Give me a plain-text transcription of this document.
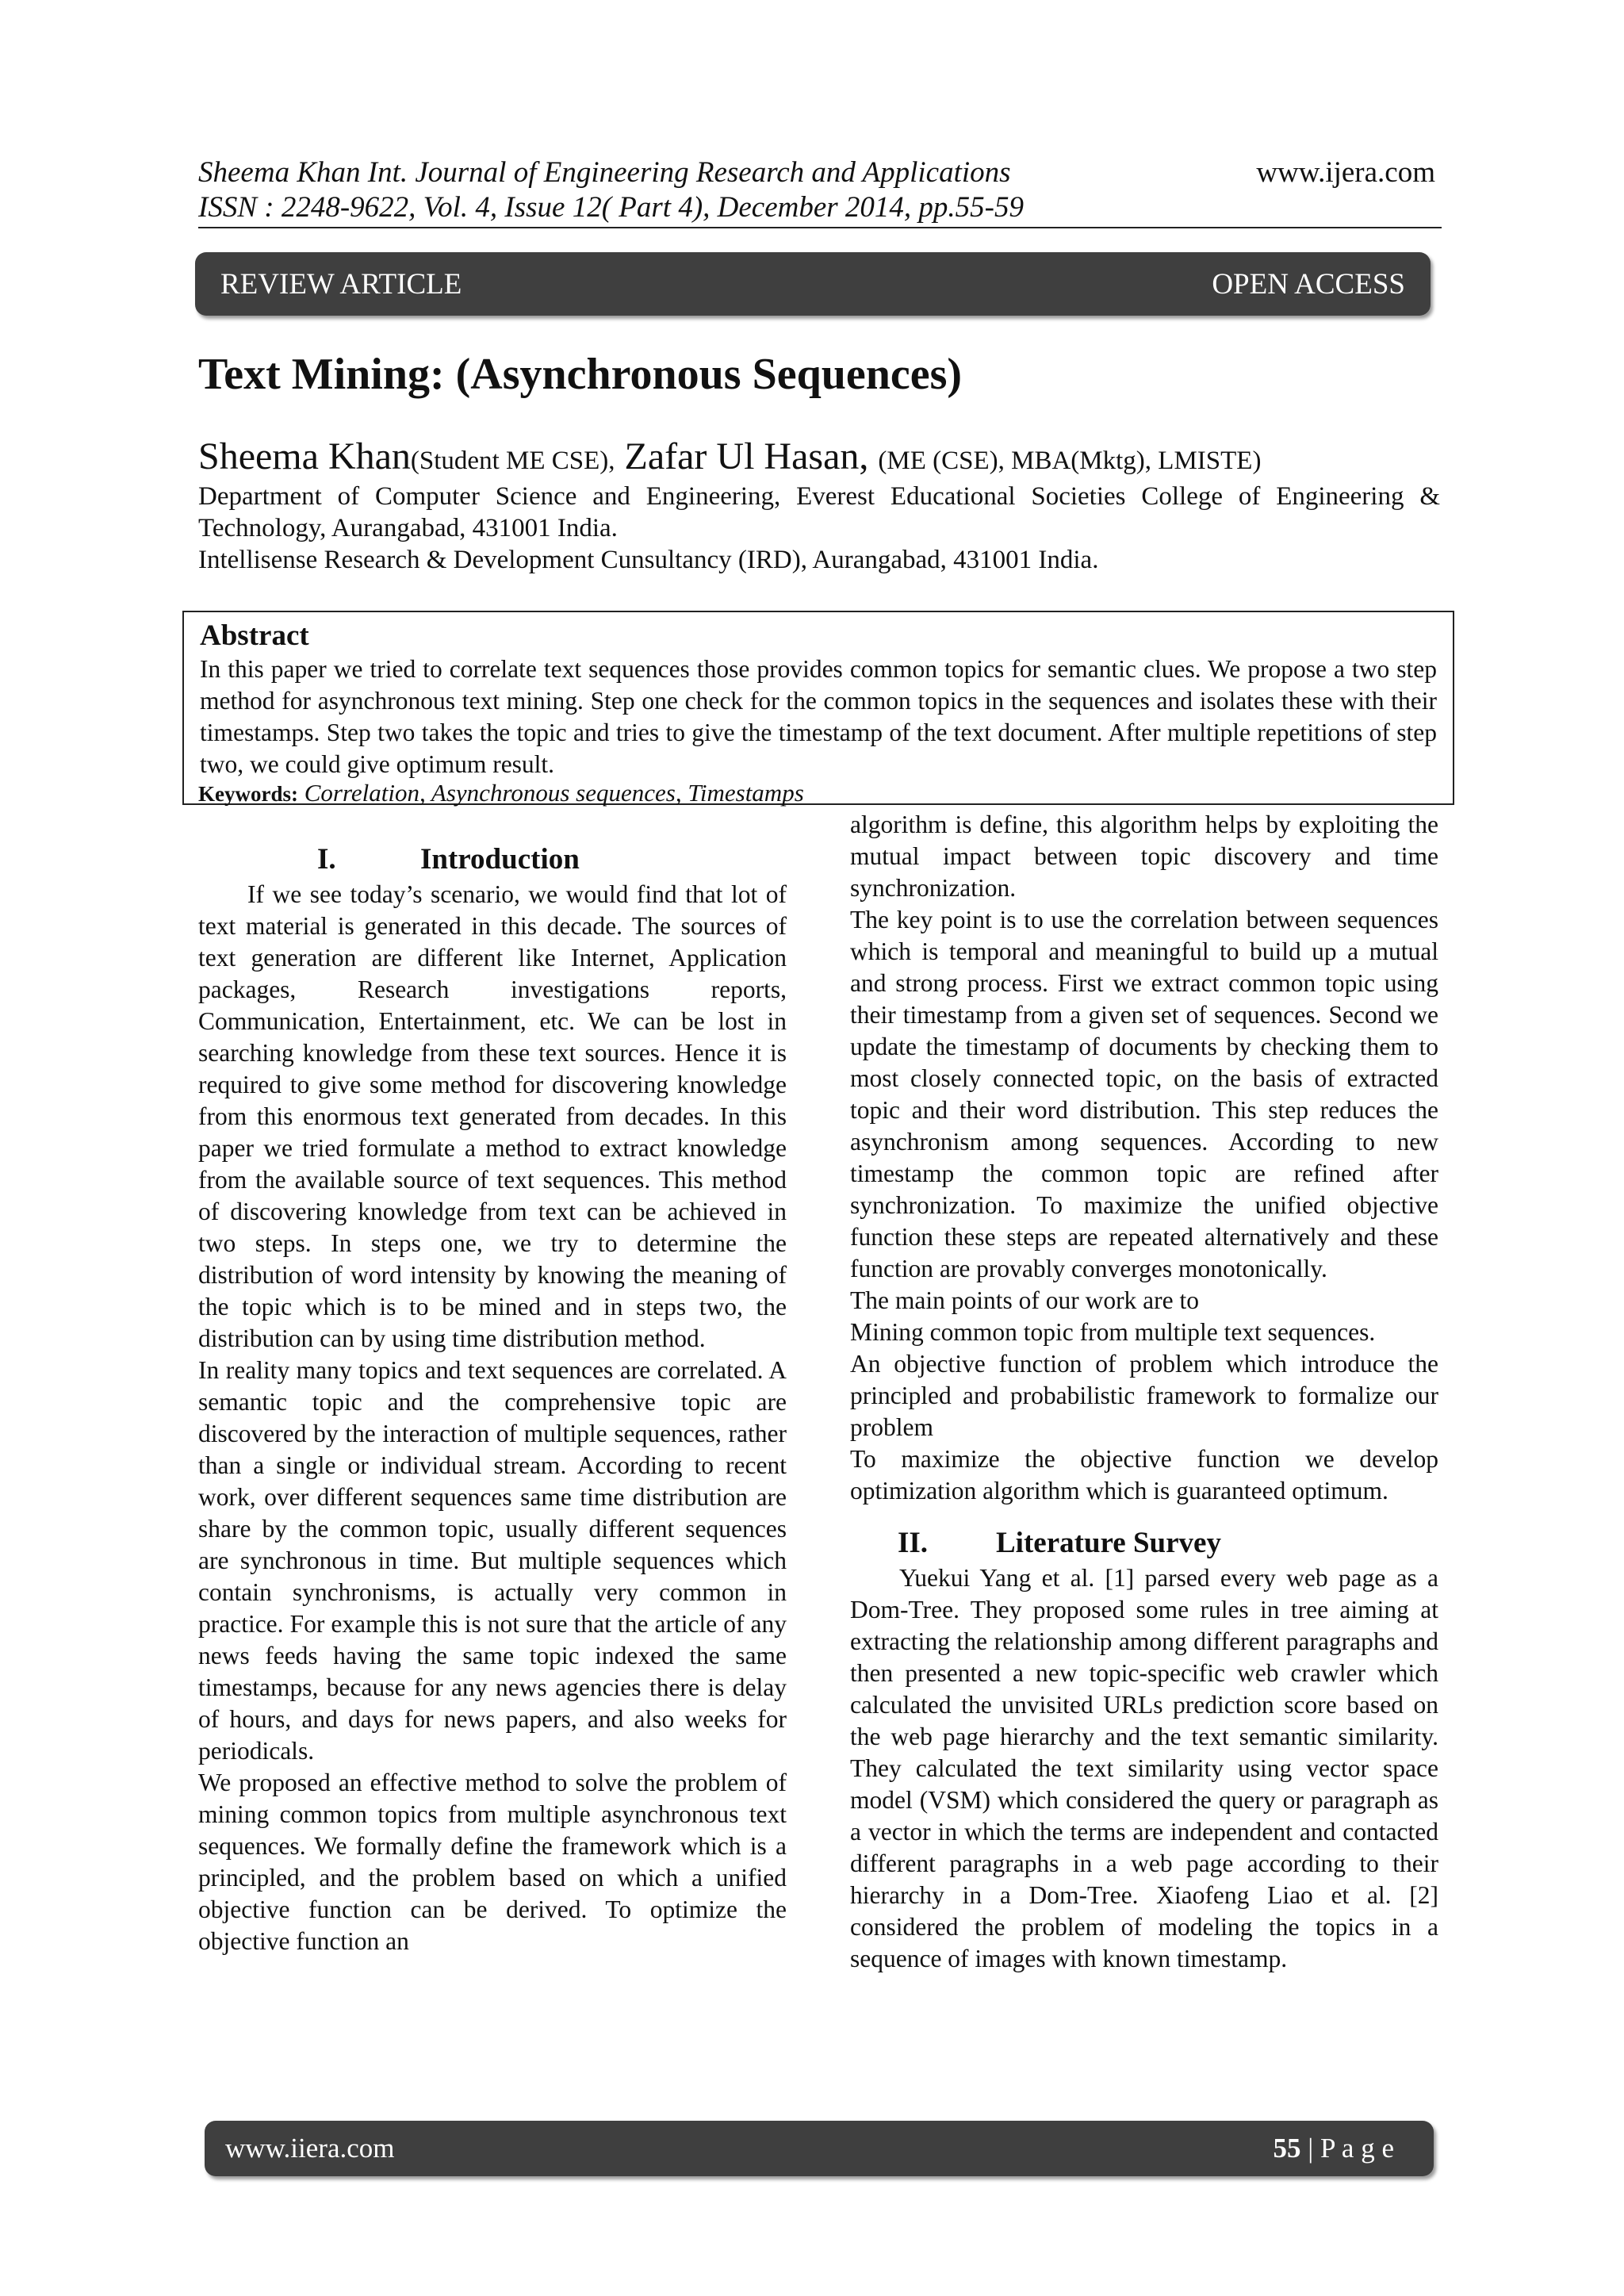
Sheema Khan Int. Journal of Engineering Research and Applications
ISSN : 2248-9622, Vol. 4, Issue 12( Part 4), December 2014, pp.55-59
www.ijera.com
REVIEW ARTICLE	OPEN ACCESS
Text Mining: (Asynchronous Sequences)
Sheema Khan(Student ME CSE), Zafar Ul Hasan, (ME (CSE), MBA(Mktg), LMISTE)
Department of Computer Science and Engineering, Everest Educational Societies College of Engineering & Technology, Aurangabad, 431001 India.
Intellisense Research & Development Cunsultancy (IRD), Aurangabad, 431001 India.
Abstract
In this paper we tried to correlate text sequences those provides common topics for semantic clues. We propose a two step method for asynchronous text mining. Step one check for the common topics in the sequences and isolates these with their timestamps. Step two takes the topic and tries to give the timestamp of the text document. After multiple repetitions of step two, we could give optimum result.
Keywords: Correlation, Asynchronous sequences, Timestamps
I.	Introduction

If we see today’s scenario, we would find that lot of text material is generated in this decade. The sources of text generation are different like Internet, Application packages, Research investigations reports, Communication, Entertainment, etc. We can be lost in searching knowledge from these text sources. Hence it is required to give some method for discovering knowledge from this enormous text generated from decades. In this paper we tried formulate a method to extract knowledge from the available source of text sequences. This method of discovering knowledge from text can be achieved in two steps. In steps one, we try to determine the distribution of word intensity by knowing the meaning of the topic which is to be mined and in steps two, the distribution can by using time distribution method.

In reality many topics and text sequences are correlated. A semantic topic and the comprehensive topic are discovered by the interaction of multiple sequences, rather than a single or individual stream. According to recent work, over different sequences same time distribution are share by the common topic, usually different sequences are synchronous in time. But multiple sequences which contain synchronisms, is actually very common in practice. For example this is not sure that the article of any news feeds having the same topic indexed the same timestamps, because for any news agencies there is delay of hours, and days for news papers, and also weeks for periodicals.

We proposed an effective method to solve the problem of mining common topics from multiple asynchronous text sequences. We formally define the framework which is a principled, and the problem based on which a unified objective function can be derived. To optimize the objective function an

algorithm is define, this algorithm helps by exploiting the mutual impact between topic discovery and time synchronization.

The key point is to use the correlation between sequences which is temporal and meaningful to build up a mutual and strong process. First we extract common topic using their timestamp from a given set of sequences. Second we update the timestamp of documents by checking them to most closely connected topic, on the basis of extracted topic and their word distribution. This step reduces the asynchronism among sequences. According to new timestamp the common topic are refined after synchronization. To maximize the unified objective function these steps are repeated alternatively and these function are provably converges monotonically.

The main points of our work are to

Mining common topic from multiple text sequences.

An objective function of problem which introduce the principled and probabilistic framework to formalize our problem

To maximize the objective function we develop optimization algorithm which is guaranteed optimum.

II. Literature Survey

Yuekui Yang et al. [1] parsed every web page as a Dom-Tree. They proposed some rules in tree aiming at extracting the relationship among different paragraphs and then presented a new topic-specific web crawler which calculated the unvisited URLs prediction score based on the web page hierarchy and the text semantic similarity. They calculated the text similarity using vector space model (VSM) which considered the query or paragraph as a vector in which the terms are independent and contacted different paragraphs in a web page according to their hierarchy in a Dom-Tree. Xiaofeng Liao et al. [2] considered the problem of modeling the topics in a sequence of images with known timestamp.

www.iiera.com	55 | P a g e
